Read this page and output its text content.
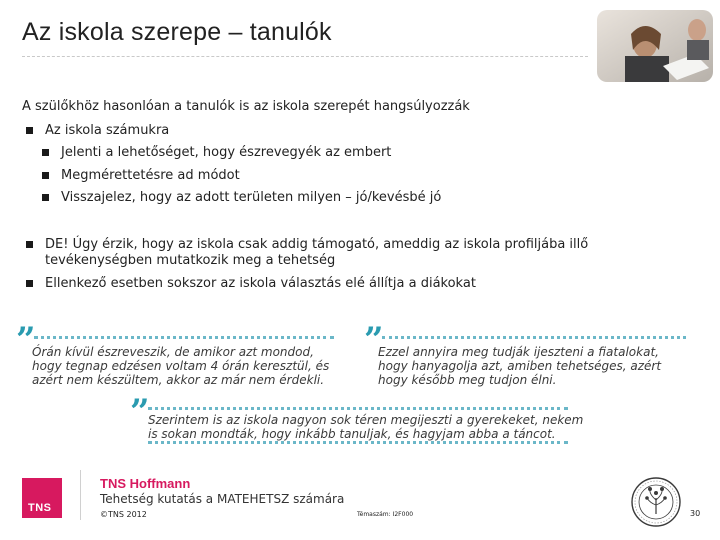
Az iskola szerepe – tanulók
A szülőkhöz hasonlóan a tanulók is az iskola szerepét hangsúlyozzák
Az iskola számukra
Jelenti a lehetőséget, hogy észrevegyék az embert
Megmérettetésre ad módot
Visszajelez, hogy az adott területen milyen – jó/kevésbé jó
DE! Úgy érzik, hogy az iskola csak addig támogató, ameddig az iskola profiljába illő
tevékenységben mutatkozik meg a tehetség
Ellenkező esetben sokszor az iskola választás elé állítja a diákokat
”
Órán kívül észreveszik, de amikor azt mondod,
hogy tegnap edzésen voltam 4 órán keresztül, és
azért nem készültem, akkor az már nem érdekli.
”
Ezzel annyira meg tudják ijeszteni a fiatalokat,
hogy hanyagolja azt, amiben tehetséges, azért
hogy később meg tudjon élni.
”
Szerintem is az iskola nagyon sok téren megijeszti a gyerekeket, nekem
is sokan mondták, hogy inkább tanuljak, és hagyjam abba a táncot.
TNS
TNS Hoffmann
Tehetség kutatás a MATEHETSZ számára
©TNS 2012	Témaszám: I2F000	30
